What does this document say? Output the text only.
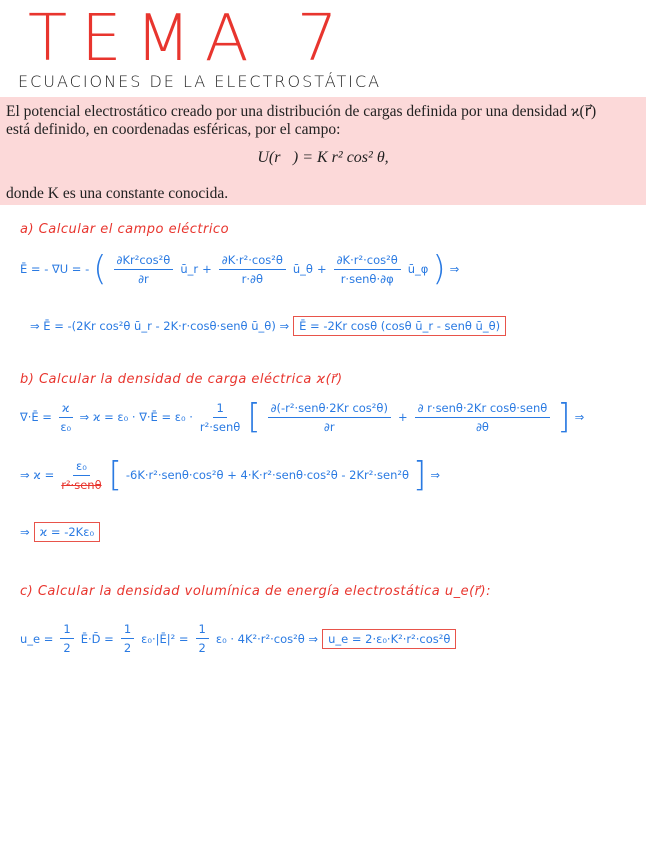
TEMA 7
ECUACIONES DE LA ELECTROSTÁTICA

El potencial electrostático creado por una distribución de cargas definida por una densidad ϰ(r⃗)

está definido, en coordenadas esféricas, por el campo:

U(r⃗) = K r² cos² θ,

donde K es una constante conocida.

a) Calcular el campo eléctrico
Ē = - ∇U = - ( $\frac{\text{∂Kr²cos²θ}}{\partial r}$ ū_r + $\frac{\text{∂K·r²·cos²θ}}{r\cdot\partial\theta}$ ū_θ + $\frac{\text{∂K·r²·cos²θ}}{\text{r·senθ·∂φ}}$ ū_φ ) ⇒
⇒ Ē = -(2Kr cos²θ ū_r - 2K·r·cosθ·senθ ū_θ) ⇒ Ē = -2Kr cosθ (cosθ ū_r - senθ ū_θ)
b) Calcular la densidad de carga eléctrica ϰ(r⃗)
∇·Ē = $\frac{ϰ}{\text{ε₀}}$ ⇒ ϰ = ε₀ · ∇·Ē = $\varepsilon_0 \cdot \frac{1}{\text{r²·senθ}}$ [ $\frac{\text{∂(-r²·senθ·2Kr cos²θ)}}{\partial r} + \frac{\text{∂ r·senθ·2Kr cosθ·senθ}}{\partial\theta}$ ] ⇒
⇒ $ϰ = \frac{\text{ε₀}}{\text{r²·senθ}}$ [ -6K·r²·senθ·cos²θ + 4·K·r²·senθ·cos²θ - 2Kr²·sen²θ ] ⇒
⇒ ϰ = -2Kε₀
c) Calcular la densidad volumínica de energía electrostática u_e(r⃗):
u_e = $\frac{1}{2}$ Ē·D̄ = $\frac{1}{2}$ ε₀·|Ē|² = $\frac{1}{2} \varepsilon_0 \cdot 4K^2\cdot r^2\cdot\cos^2\theta$ ⇒ u_e = 2·ε₀·K²·r²·cos²θ
